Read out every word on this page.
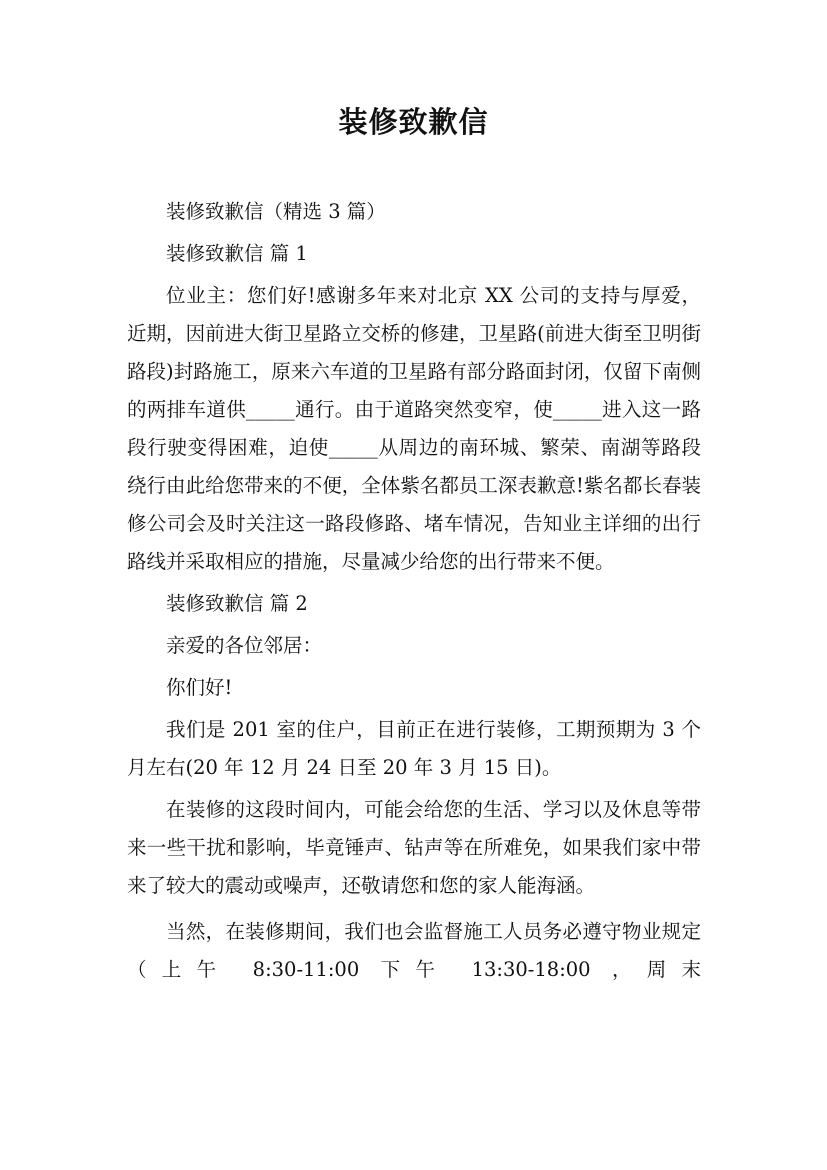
装修致歉信

装修致歉信（精选 3 篇）

装修致歉信 篇 1

位业主：您们好!感谢多年来对北京 XX 公司的支持与厚爱，近期，因前进大街卫星路立交桥的修建，卫星路(前进大街至卫明街路段)封路施工，原来六车道的卫星路有部分路面封闭，仅留下南侧的两排车道供_____通行。由于道路突然变窄，使_____进入这一路段行驶变得困难，迫使_____从周边的南环城、繁荣、南湖等路段绕行由此给您带来的不便，全体紫名都员工深表歉意!紫名都长春装修公司会及时关注这一路段修路、堵车情况，告知业主详细的出行路线并采取相应的措施，尽量减少给您的出行带来不便。

装修致歉信 篇 2

亲爱的各位邻居：

你们好!

我们是 201 室的住户，目前正在进行装修，工期预期为 3 个月左右(20 年 12 月 24 日至 20 年 3 月 15 日)。

在装修的这段时间内，可能会给您的生活、学习以及休息等带来一些干扰和影响，毕竟锤声、钻声等在所难免，如果我们家中带来了较大的震动或噪声，还敬请您和您的家人能海涵。

当然，在装修期间，我们也会监督施工人员务必遵守物业规定（上午 8:30-11:00 下午 13:30-18:00 ，周末
